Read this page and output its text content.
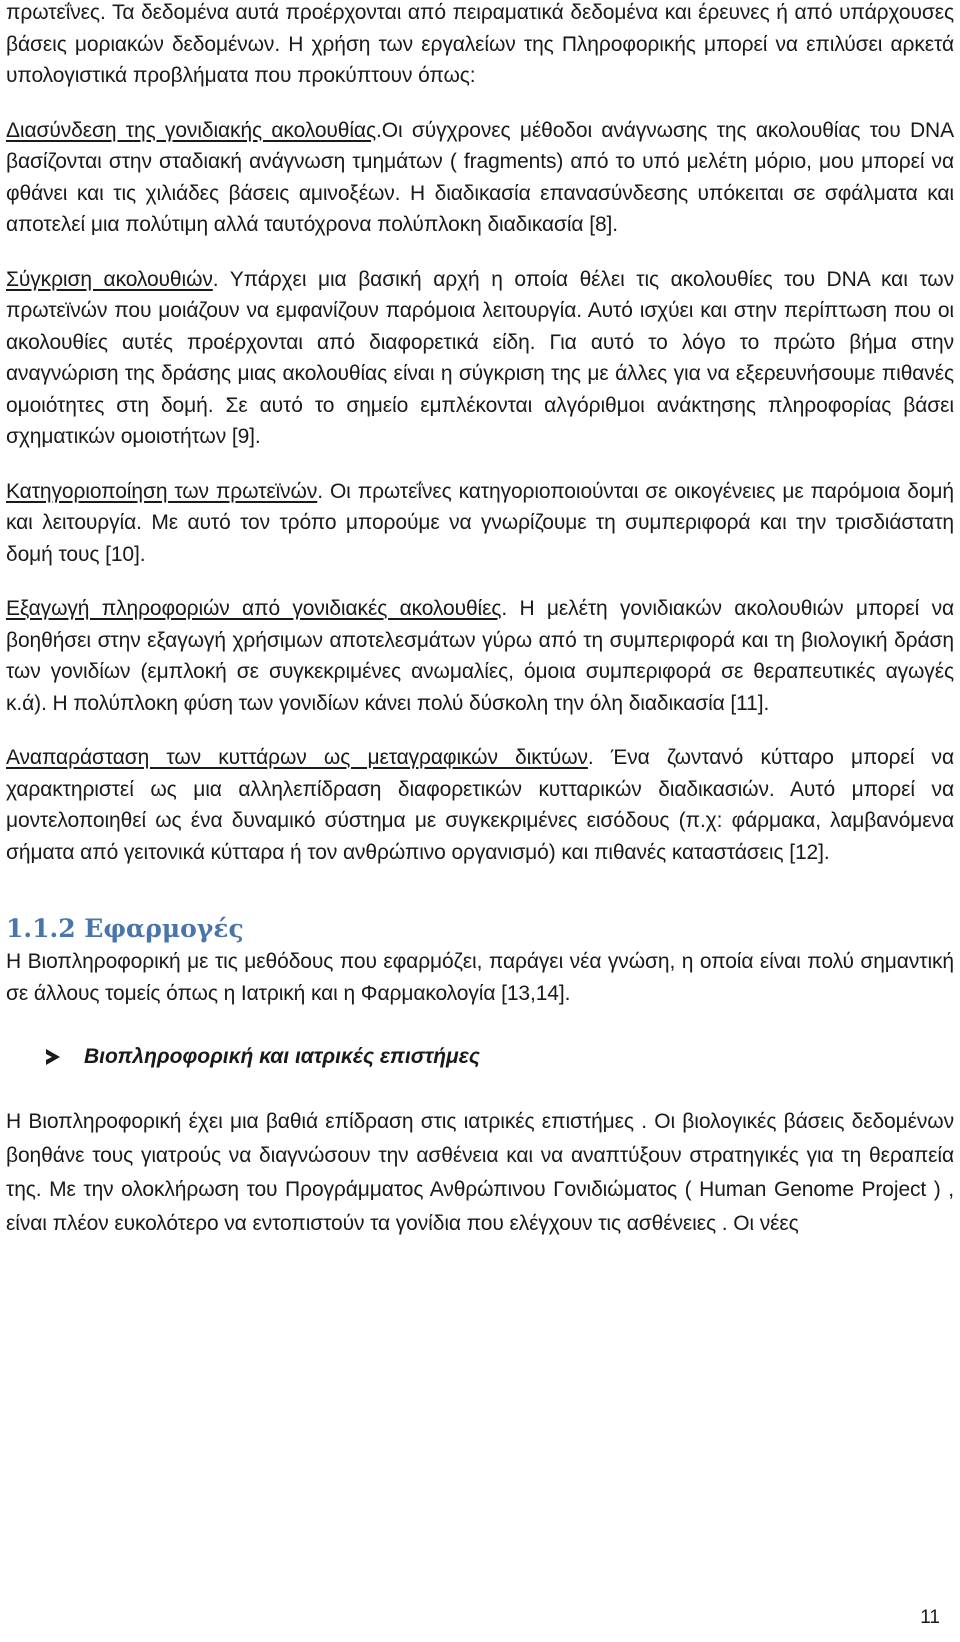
πρωτεΐνες. Τα δεδομένα αυτά προέρχονται από πειραματικά δεδομένα και έρευνες ή από υπάρχουσες βάσεις μοριακών δεδομένων. Η χρήση των εργαλείων της Πληροφορικής μπορεί να επιλύσει αρκετά υπολογιστικά προβλήματα που προκύπτουν όπως:

Διασύνδεση της γονιδιακής ακολουθίας.Οι σύγχρονες μέθοδοι ανάγνωσης της ακολουθίας του DNA βασίζονται στην σταδιακή ανάγνωση τμημάτων ( fragments) από το υπό μελέτη μόριο, μου μπορεί να φθάνει και τις χιλιάδες βάσεις αμινοξέων. Η διαδικασία επανασύνδεσης υπόκειται σε σφάλματα και αποτελεί μια πολύτιμη αλλά ταυτόχρονα πολύπλοκη διαδικασία [8].

Σύγκριση ακολουθιών. Υπάρχει μια βασική αρχή η οποία θέλει τις ακολουθίες του DNA και των πρωτεϊνών που μοιάζουν να εμφανίζουν παρόμοια λειτουργία. Αυτό ισχύει και στην περίπτωση που οι ακολουθίες αυτές προέρχονται από διαφορετικά είδη. Για αυτό το λόγο το πρώτο βήμα στην αναγνώριση της δράσης μιας ακολουθίας είναι η σύγκριση της με άλλες για να εξερευνήσουμε πιθανές ομοιότητες στη δομή. Σε αυτό το σημείο εμπλέκονται αλγόριθμοι ανάκτησης πληροφορίας βάσει σχηματικών ομοιοτήτων [9].

Κατηγοριοποίηση των πρωτεϊνών. Οι πρωτεΐνες κατηγοριοποιούνται σε οικογένειες με παρόμοια δομή και λειτουργία. Με αυτό τον τρόπο μπορούμε να γνωρίζουμε τη συμπεριφορά και την τρισδιάστατη δομή τους [10].

Εξαγωγή πληροφοριών από γονιδιακές ακολουθίες. Η μελέτη γονιδιακών ακολουθιών μπορεί να βοηθήσει στην εξαγωγή χρήσιμων αποτελεσμάτων γύρω από τη συμπεριφορά και τη βιολογική δράση των γονιδίων (εμπλοκή σε συγκεκριμένες ανωμαλίες, όμοια συμπεριφορά σε θεραπευτικές αγωγές κ.ά). Η πολύπλοκη φύση των γονιδίων κάνει πολύ δύσκολη την όλη διαδικασία [11].

Αναπαράσταση των κυττάρων ως μεταγραφικών δικτύων. Ένα ζωντανό κύτταρο μπορεί να χαρακτηριστεί ως μια αλληλεπίδραση διαφορετικών κυτταρικών διαδικασιών. Αυτό μπορεί να μοντελοποιηθεί ως ένα δυναμικό σύστημα με συγκεκριμένες εισόδους (π.χ: φάρμακα, λαμβανόμενα σήματα από γειτονικά κύτταρα ή τον ανθρώπινο οργανισμό) και πιθανές καταστάσεις [12].

1.1.2 Εφαρμογές

Η Βιοπληροφορική με τις μεθόδους που εφαρμόζει, παράγει νέα γνώση, η οποία είναι πολύ σημαντική σε άλλους τομείς όπως η Ιατρική και η Φαρμακολογία [13,14].

Βιοπληροφορική και ιατρικές επιστήμες

Η Βιοπληροφορική έχει μια βαθιά επίδραση στις ιατρικές επιστήμες . Οι βιολογικές βάσεις δεδομένων βοηθάνε τους γιατρούς να διαγνώσουν την ασθένεια και να αναπτύξουν στρατηγικές για τη θεραπεία της. Με την ολοκλήρωση του Προγράμματος Ανθρώπινου Γονιδιώματος ( Human Genome Project ) , είναι πλέον ευκολότερο να εντοπιστούν τα γονίδια που ελέγχουν τις ασθένειες . Οι νέες

11
